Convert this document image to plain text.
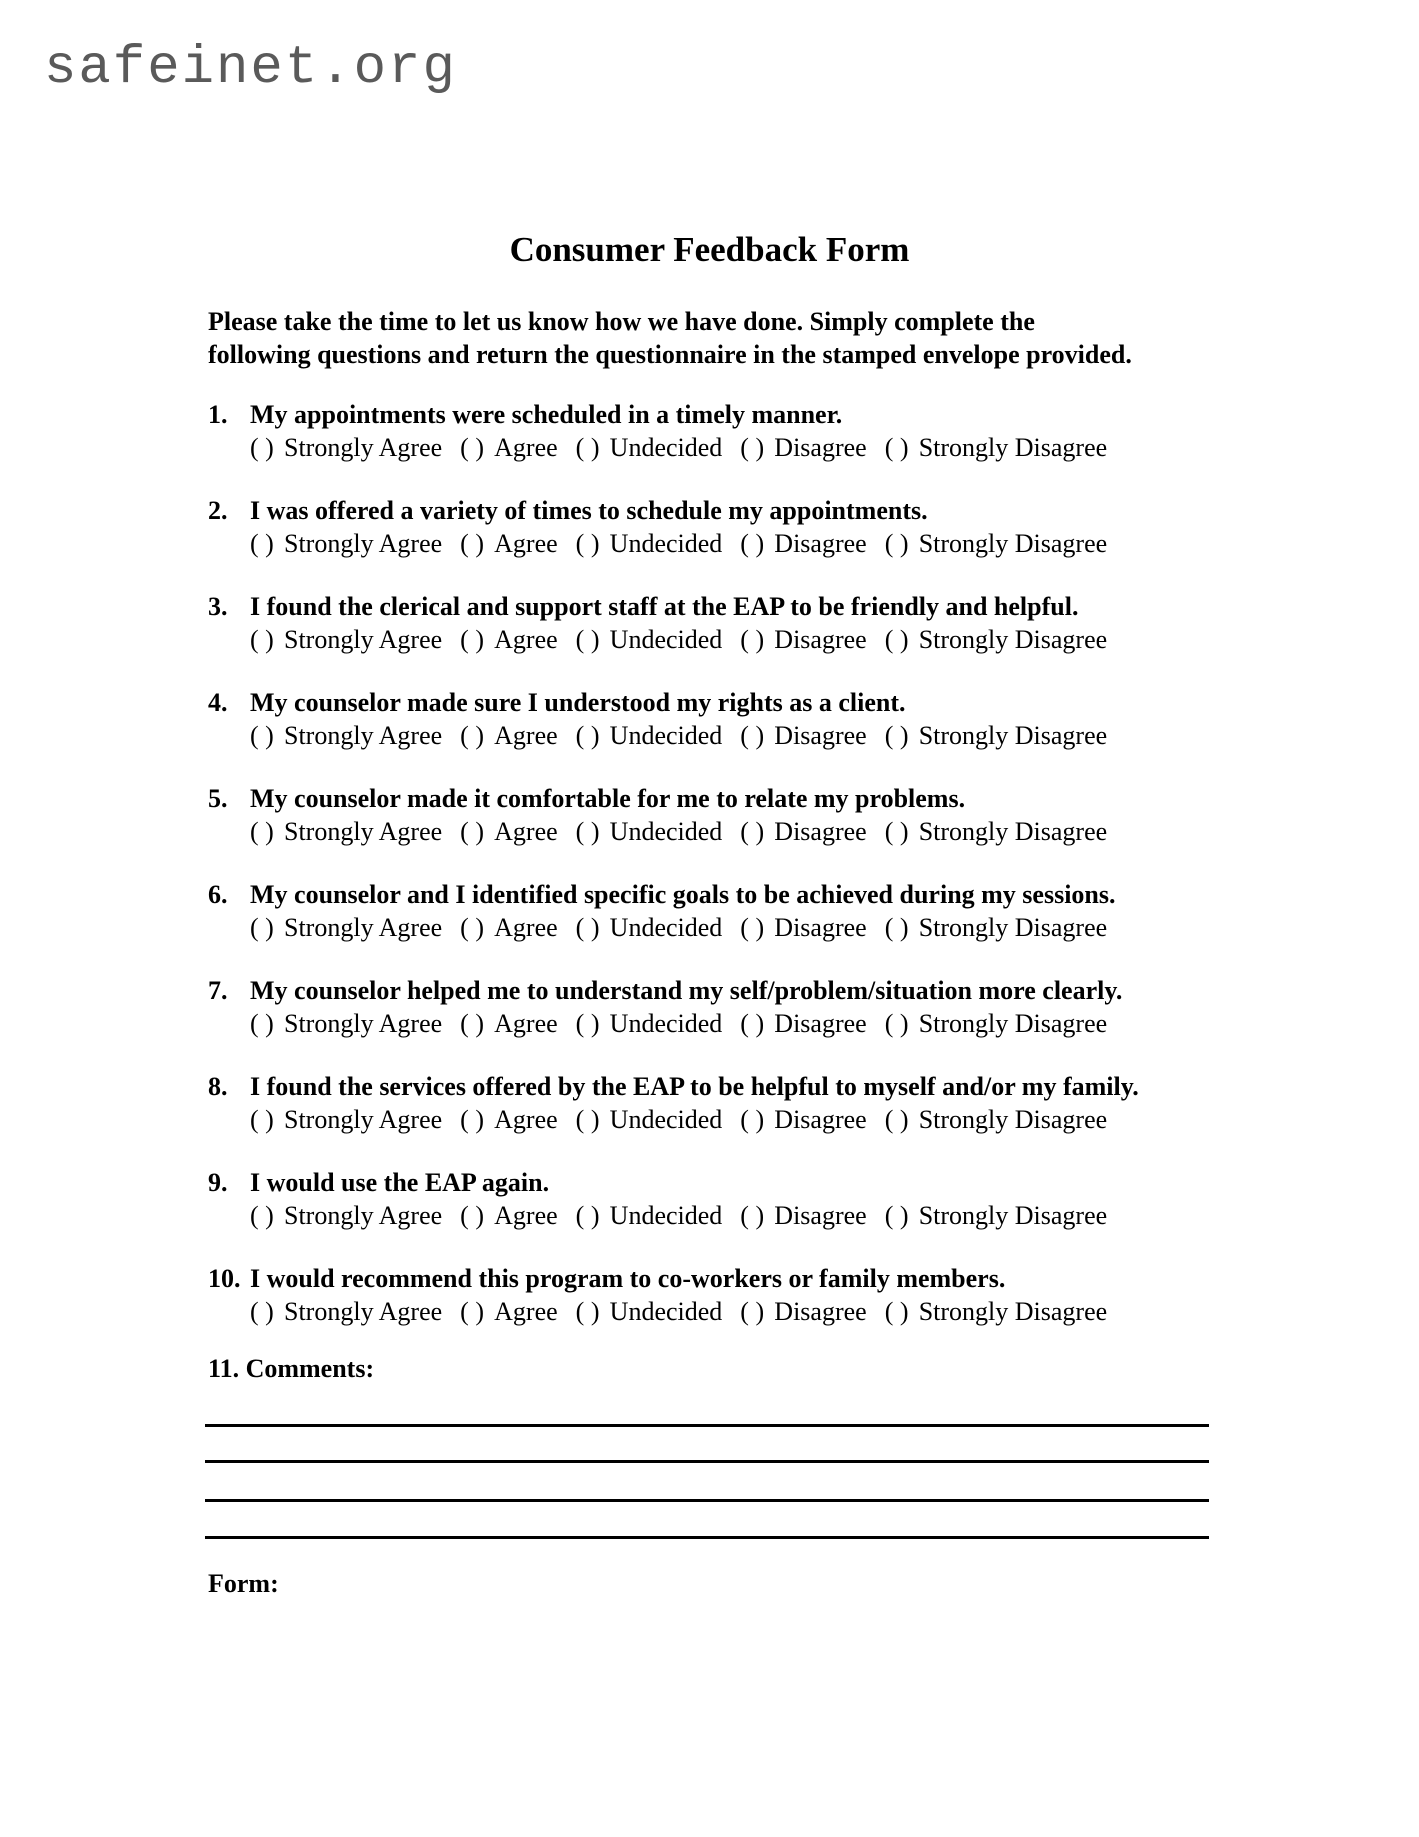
safeinet.org
Consumer Feedback Form
Please take the time to let us know how we have done. Simply complete the
following questions and return the questionnaire in the stamped envelope provided.
1. My appointments were scheduled in a timely manner.
( ) Strongly Agree ( ) Agree ( ) Undecided ( ) Disagree ( ) Strongly Disagree
2. I was offered a variety of times to schedule my appointments.
( ) Strongly Agree ( ) Agree ( ) Undecided ( ) Disagree ( ) Strongly Disagree
3. I found the clerical and support staff at the EAP to be friendly and helpful.
( ) Strongly Agree ( ) Agree ( ) Undecided ( ) Disagree ( ) Strongly Disagree
4. My counselor made sure I understood my rights as a client.
( ) Strongly Agree ( ) Agree ( ) Undecided ( ) Disagree ( ) Strongly Disagree
5. My counselor made it comfortable for me to relate my problems.
( ) Strongly Agree ( ) Agree ( ) Undecided ( ) Disagree ( ) Strongly Disagree
6. My counselor and I identified specific goals to be achieved during my sessions.
( ) Strongly Agree ( ) Agree ( ) Undecided ( ) Disagree ( ) Strongly Disagree
7. My counselor helped me to understand my self/problem/situation more clearly.
( ) Strongly Agree ( ) Agree ( ) Undecided ( ) Disagree ( ) Strongly Disagree
8. I found the services offered by the EAP to be helpful to myself and/or my family.
( ) Strongly Agree ( ) Agree ( ) Undecided ( ) Disagree ( ) Strongly Disagree
9. I would use the EAP again.
( ) Strongly Agree ( ) Agree ( ) Undecided ( ) Disagree ( ) Strongly Disagree
10. I would recommend this program to co-workers or family members.
( ) Strongly Agree ( ) Agree ( ) Undecided ( ) Disagree ( ) Strongly Disagree
11. Comments:
Form:
